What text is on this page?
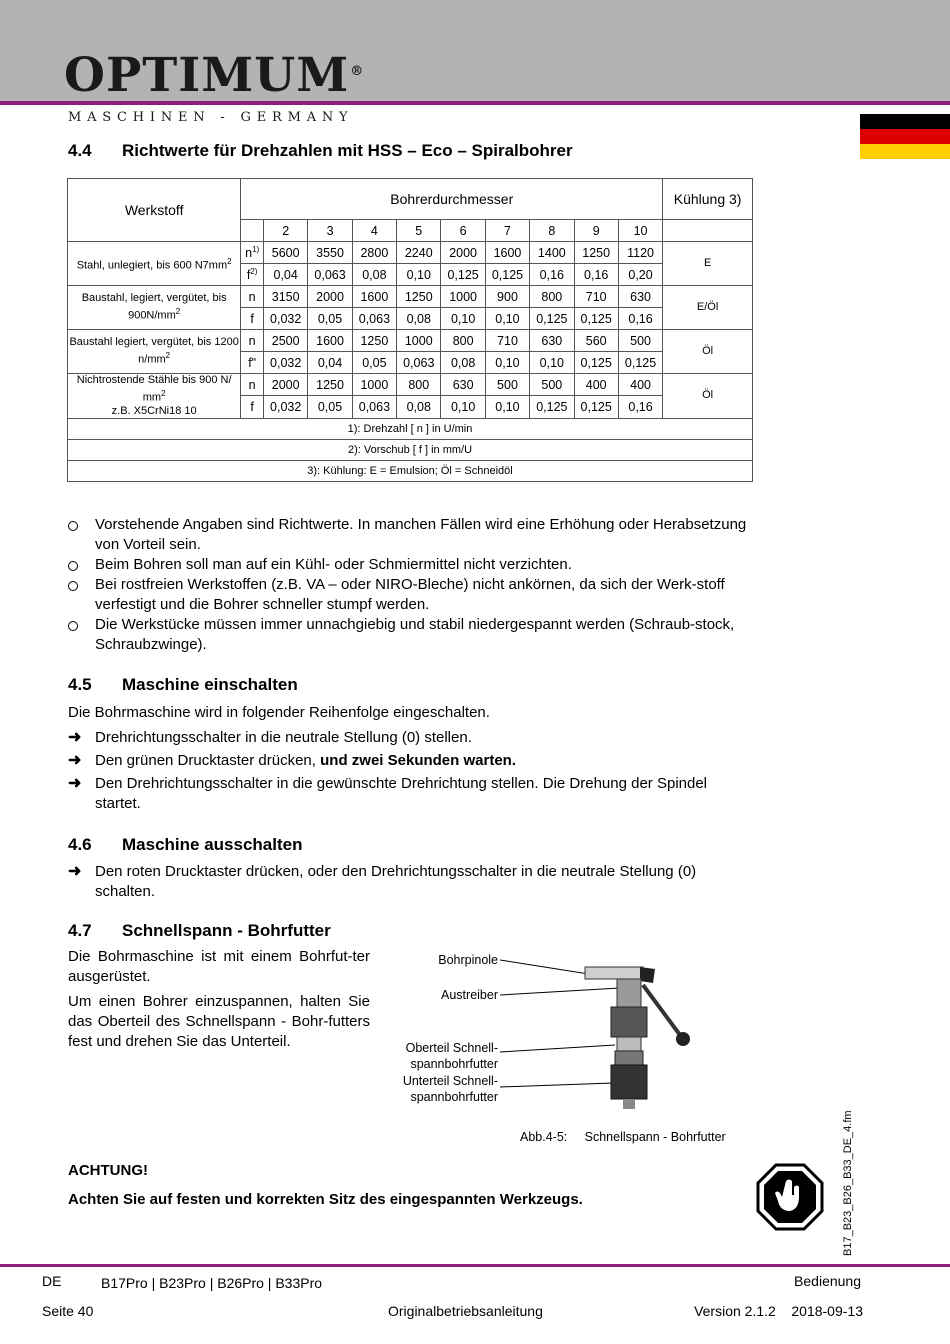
OPTIMUM®
MASCHINEN - GERMANY
4.4 Richtwerte für Drehzahlen mit HSS – Eco – Spiralbohrer
Werkstoff	Bohrerdurchmesser										Kühlung 3)
		2	3	4	5	6	7	8	9	10	
Stahl, unlegiert, bis 600 $N7mm^2$	$n^{1)}$	5600	3550	2800	2240	2000	1600	1400	1250	1120	E
	$f^{2)}$	0,04	0,063	0,08	0,10	0,125	0,125	0,16	0,16	0,20	
Baustahl, legiert, vergütet, bis $900N/mm^2$	n	3150	2000	1600	1250	1000	900	800	710	630	E/Öl
	f	0,032	0,05	0,063	0,08	0,10	0,10	0,125	0,125	0,16	
Baustahl legiert, vergütet, bis 1200 $n/mm^2$	n	2500	1600	1250	1000	800	710	630	560	500	Öl
	f"	0,032	0,04	0,05	0,063	0,08	0,10	0,10	0,125	0,125	
Nichtrostende Stähle bis 900 N/ $mm^2$
z.B. X5CrNi18 10	n	2000	1250	1000	800	630	500	500	400	400	Öl
	f	0,032	0,05	0,063	0,08	0,10	0,10	0,125	0,125	0,16	
1): Drehzahl [ n ] in U/min											
2): Vorschub [ f ] in mm/U											
3): Kühlung: E = Emulsion; Öl = Schneidöl											
Vorstehende Angaben sind Richtwerte. In manchen Fällen wird eine Erhöhung oder Herabsetzung von Vorteil sein.
Beim Bohren soll man auf ein Kühl- oder Schmiermittel nicht verzichten.
Bei rostfreien Werkstoffen (z.B. VA – oder NIRO-Bleche) nicht ankörnen, da sich der Werk-stoff verfestigt und die Bohrer schneller stumpf werden.
Die Werkstücke müssen immer unnachgiebig und stabil niedergespannt werden (Schraub-stock, Schraubzwinge).
4.5 Maschine einschalten
Die Bohrmaschine wird in folgender Reihenfolge eingeschalten.
➜ Drehrichtungsschalter in die neutrale Stellung (0) stellen.
➜ Den grünen Drucktaster drücken, und zwei Sekunden warten.
➜ Den Drehrichtungsschalter in die gewünschte Drehrichtung stellen. Die Drehung der Spindel startet.
4.6 Maschine ausschalten
➜ Den roten Drucktaster drücken, oder den Drehrichtungsschalter in die neutrale Stellung (0) schalten.
4.7 Schnellspann - Bohrfutter

Die Bohrmaschine ist mit einem Bohrfut-ter ausgerüstet.

Um einen Bohrer einzuspannen, halten Sie das Oberteil des Schnellspann - Bohr-futters fest und drehen Sie das Unterteil.

Bohrpinole
Austreiber
Oberteil Schnell-spannbohrfutter
Unterteil Schnell-spannbohrfutter
Abb.4-5: Schnellspann - Bohrfutter
ACHTUNG!
Achten Sie auf festen und korrekten Sitz des eingespannten Werkzeugs.	B17_B23_B26_B33_DE_4.fm
DE	B17Pro | B23Pro | B26Pro | B33Pro	Bedienung
Seite 40	Originalbetriebsanleitung	Version 2.1.2 2018-09-13
